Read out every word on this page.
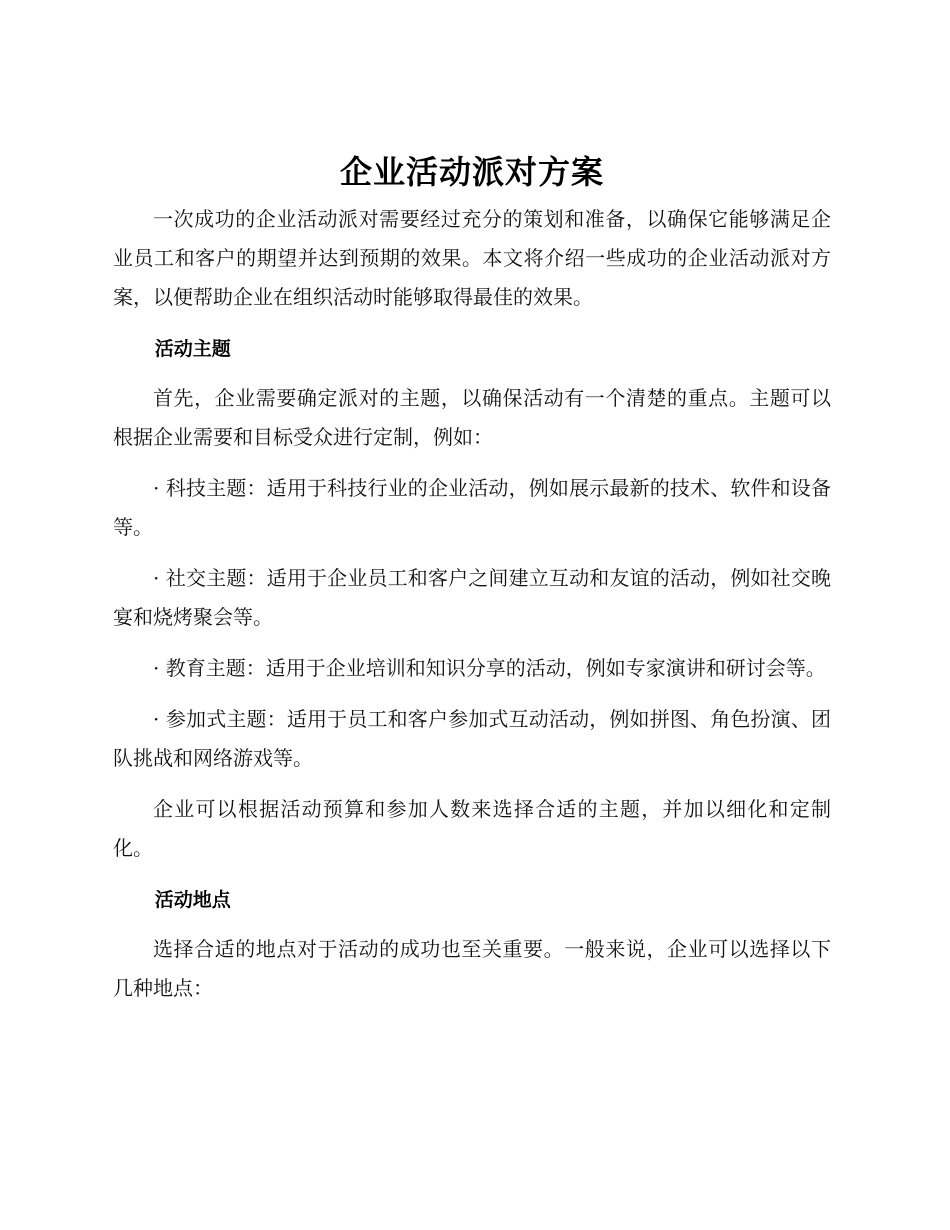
企业活动派对方案

一次成功的企业活动派对需要经过充分的策划和准备，以确保它能够满足企业员工和客户的期望并达到预期的效果。本文将介绍一些成功的企业活动派对方案，以便帮助企业在组织活动时能够取得最佳的效果。

活动主题

首先，企业需要确定派对的主题，以确保活动有一个清楚的重点。主题可以根据企业需要和目标受众进行定制，例如：

· 科技主题：适用于科技行业的企业活动，例如展示最新的技术、软件和设备等。

· 社交主题：适用于企业员工和客户之间建立互动和友谊的活动，例如社交晚宴和烧烤聚会等。

· 教育主题：适用于企业培训和知识分享的活动，例如专家演讲和研讨会等。

· 参加式主题：适用于员工和客户参加式互动活动，例如拼图、角色扮演、团队挑战和网络游戏等。

企业可以根据活动预算和参加人数来选择合适的主题，并加以细化和定制化。

活动地点

选择合适的地点对于活动的成功也至关重要。一般来说，企业可以选择以下几种地点：
